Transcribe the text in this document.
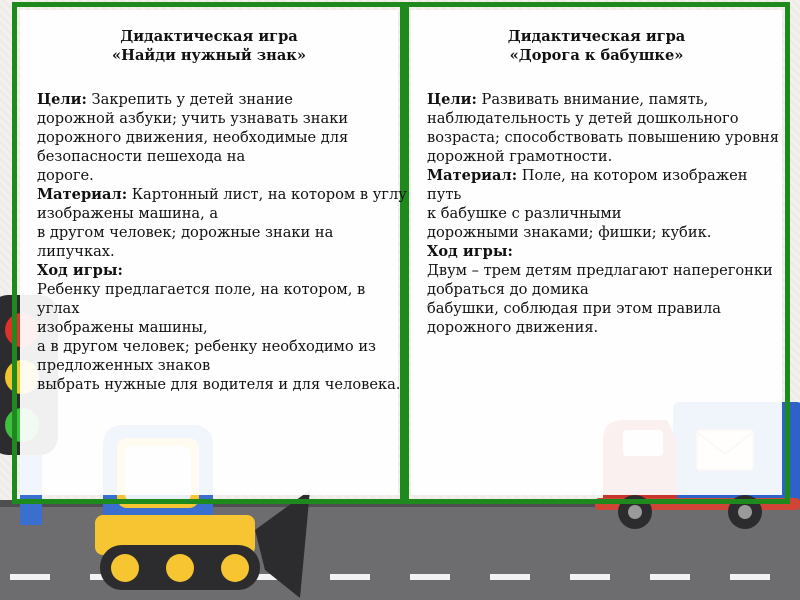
Дидактическая игра
«Найди нужный знак»
Цели: Закрепить у детей знание
дорожной азбуки; учить узнавать знаки
дорожного движения, необходимые для
безопасности пешехода на
дороге.
Материал: Картонный лист, на котором в углу
изображены машина, а
в другом человек; дорожные знаки на липучках.
Ход игры:
Ребенку предлагается поле, на котором, в углах
изображены машины,
а в другом человек; ребенку необходимо из
предложенных знаков
выбрать нужные для водителя и для человека.
Дидактическая игра
«Дорога к бабушке»
Цели: Развивать внимание, память,
наблюдательность у детей дошкольного
возраста; способствовать повышению уровня
дорожной грамотности.
Материал: Поле, на котором изображен путь
к бабушке с различными
дорожными знаками; фишки; кубик.
Ход игры:
Двум – трем детям предлагают наперегонки
добраться до домика
бабушки, соблюдая при этом правила
дорожного движения.
